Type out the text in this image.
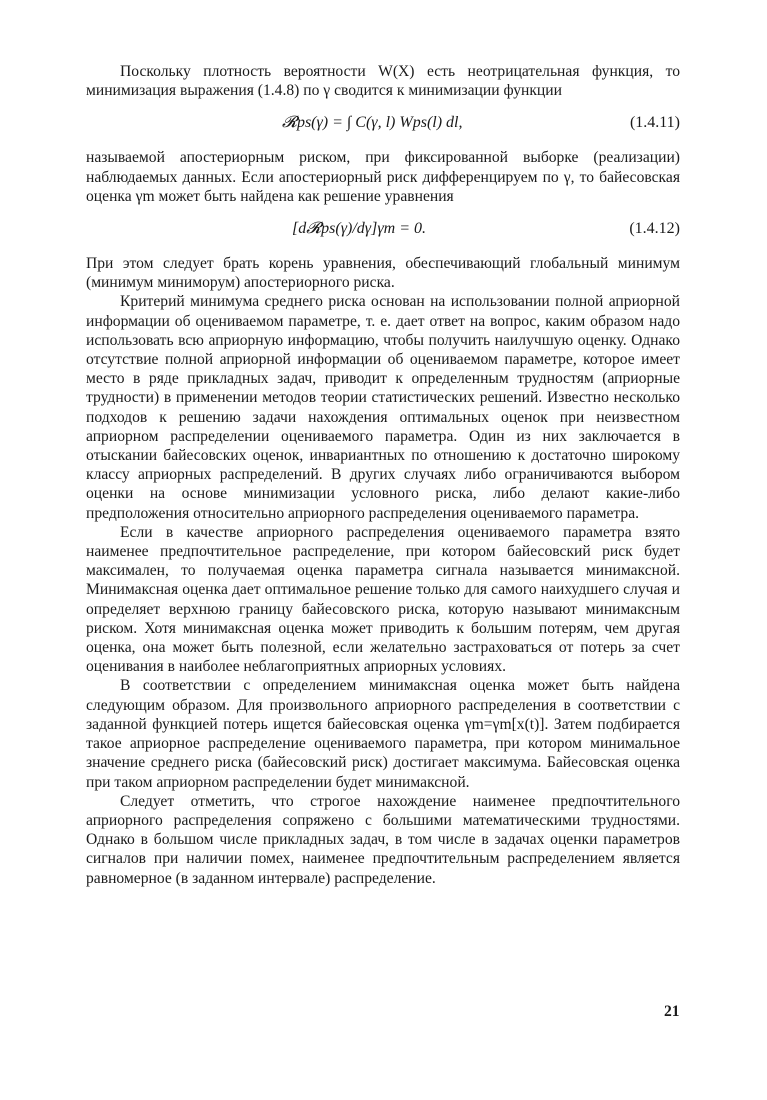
Поскольку плотность вероятности W(X) есть неотрицательная функция, то минимизация выражения (1.4.8) по γ сводится к минимизации функции

𝓡ps(γ) = ∫ C(γ, l) Wps(l) dl,	(1.4.11)

называемой апостериорным риском, при фиксированной выборке (реализации) наблюдаемых данных. Если апостериорный риск дифференцируем по γ, то байесовская оценка γm может быть найдена как решение уравнения

[d𝓡ps(γ)/dγ]γm = 0.	(1.4.12)

При этом следует брать корень уравнения, обеспечивающий глобальный минимум (минимум миниморум) апостериорного риска.

Критерий минимума среднего риска основан на использовании полной априорной информации об оцениваемом параметре, т. е. дает ответ на вопрос, каким образом надо использовать всю априорную информацию, чтобы получить наилучшую оценку. Однако отсутствие полной априорной информации об оцениваемом параметре, которое имеет место в ряде прикладных задач, приводит к определенным трудностям (априорные трудности) в применении методов теории статистических решений. Известно несколько подходов к решению задачи нахождения оптимальных оценок при неизвестном априорном распределении оцениваемого параметра. Один из них заключается в отыскании байесовских оценок, инвариантных по отношению к достаточно широкому классу априорных распределений. В других случаях либо ограничиваются выбором оценки на основе минимизации условного риска, либо делают какие-либо предположения относительно априорного распределения оцениваемого параметра.

Если в качестве априорного распределения оцениваемого параметра взято наименее предпочтительное распределение, при котором байесовский риск будет максимален, то получаемая оценка параметра сигнала называется минимаксной. Минимаксная оценка дает оптимальное решение только для самого наихудшего случая и определяет верхнюю границу байесовского риска, которую называют минимаксным риском. Хотя минимаксная оценка может приводить к большим потерям, чем другая оценка, она может быть полезной, если желательно застраховаться от потерь за счет оценивания в наиболее неблагоприятных априорных условиях.

В соответствии с определением минимаксная оценка может быть найдена следующим образом. Для произвольного априорного распределения в соответствии с заданной функцией потерь ищется байесовская оценка γm=γm[x(t)]. Затем подбирается такое априорное распределение оцениваемого параметра, при котором минимальное значение среднего риска (байесовский риск) достигает максимума. Байесовская оценка при таком априорном распределении будет минимаксной.

Следует отметить, что строгое нахождение наименее предпочтительного априорного распределения сопряжено с большими математическими трудностями. Однако в большом числе прикладных задач, в том числе в задачах оценки параметров сигналов при наличии помех, наименее предпочтительным распределением является равномерное (в заданном интервале) распределение.

21
